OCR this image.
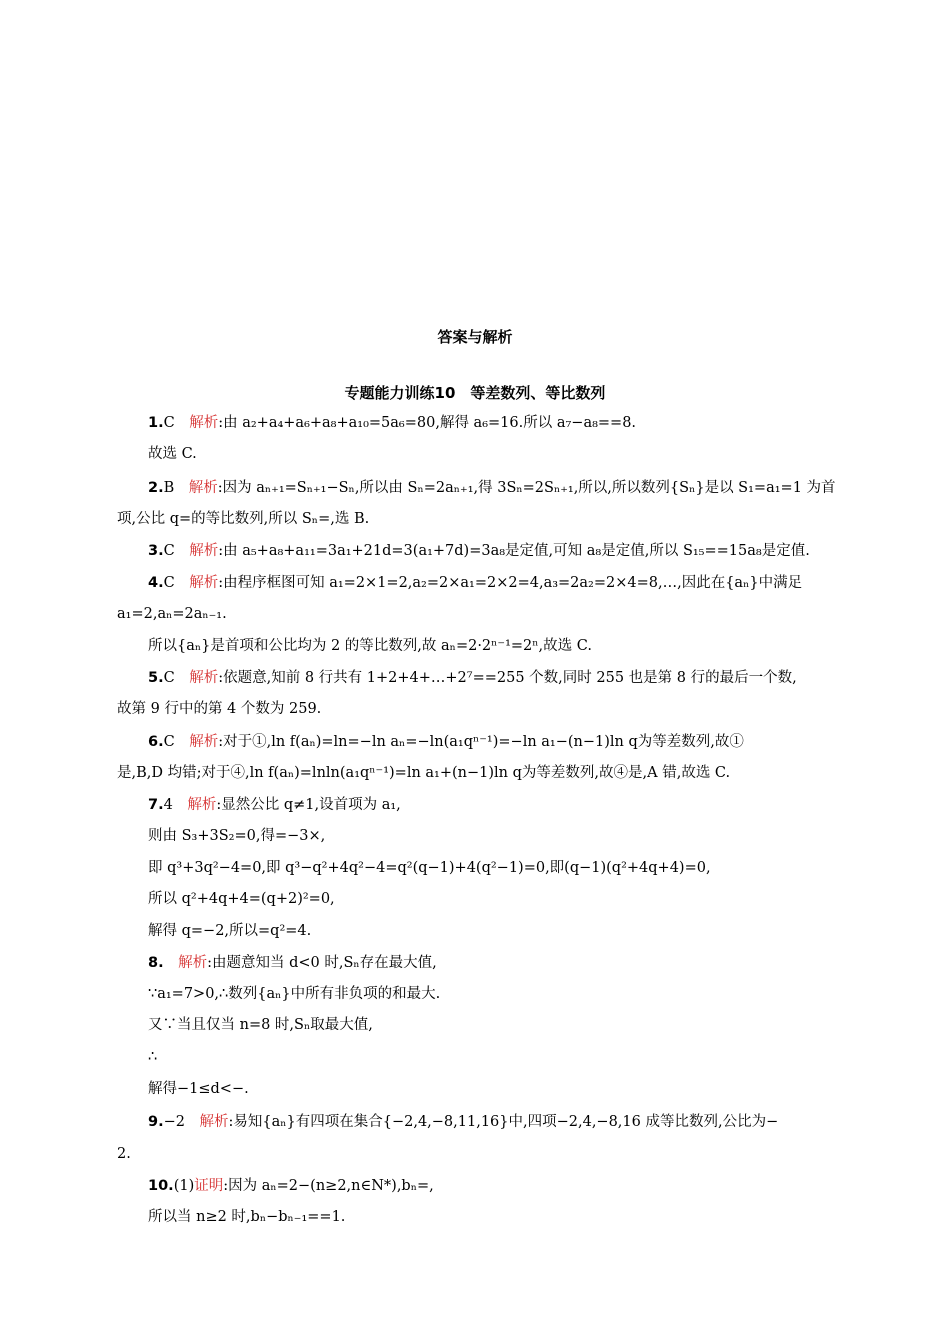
答案与解析
专题能力训练10　等差数列、等比数列
1.C　 解析:由 a₂+a₄+a₆+a₈+a₁₀=5a₆=80,解得 a₆=16.所以 a₇−a₈==8.
故选 C.
2.B　 解析:因为 aₙ₊₁=Sₙ₊₁−Sₙ,所以由 Sₙ=2aₙ₊₁,得 3Sₙ=2Sₙ₊₁,所以,所以数列{Sₙ}是以 S₁=a₁=1 为首
项,公比 q=的等比数列,所以 Sₙ=,选 B.
3.C　 解析:由 a₅+a₈+a₁₁=3a₁+21d=3(a₁+7d)=3a₈是定值,可知 a₈是定值,所以 S₁₅==15a₈是定值.
4.C　 解析:由程序框图可知 a₁=2×1=2,a₂=2×a₁=2×2=4,a₃=2a₂=2×4=8,…,因此在{aₙ}中满足
a₁=2,aₙ=2aₙ₋₁.
所以{aₙ}是首项和公比均为 2 的等比数列,故 aₙ=2·2ⁿ⁻¹=2ⁿ,故选 C.
5.C　 解析:依题意,知前 8 行共有 1+2+4+…+2⁷==255 个数,同时 255 也是第 8 行的最后一个数,
故第 9 行中的第 4 个数为 259.
6.C　 解析:对于①,ln f(aₙ)=ln=−ln aₙ=−ln(a₁qⁿ⁻¹)=−ln a₁−(n−1)ln q为等差数列,故①
是,B,D 均错;对于④,ln f(aₙ)=lnln(a₁qⁿ⁻¹)=ln a₁+(n−1)ln q为等差数列,故④是,A 错,故选 C.
7.4　 解析:显然公比 q≠1,设首项为 a₁,
则由 S₃+3S₂=0,得=−3×,
即 q³+3q²−4=0,即 q³−q²+4q²−4=q²(q−1)+4(q²−1)=0,即(q−1)(q²+4q+4)=0,
所以 q²+4q+4=(q+2)²=0,
解得 q=−2,所以=q²=4.
8.　 解析:由题意知当 d<0 时,Sₙ存在最大值,
∵a₁=7>0,∴数列{aₙ}中所有非负项的和最大.
又∵当且仅当 n=8 时,Sₙ取最大值,
∴
解得−1≤d<−.
9.−2　 解析:易知{aₙ}有四项在集合{−2,4,−8,11,16}中,四项−2,4,−8,16 成等比数列,公比为−
2.
10.(1)证明:因为 aₙ=2−(n≥2,n∈N*),bₙ=,
所以当 n≥2 时,bₙ−bₙ₋₁==1.
